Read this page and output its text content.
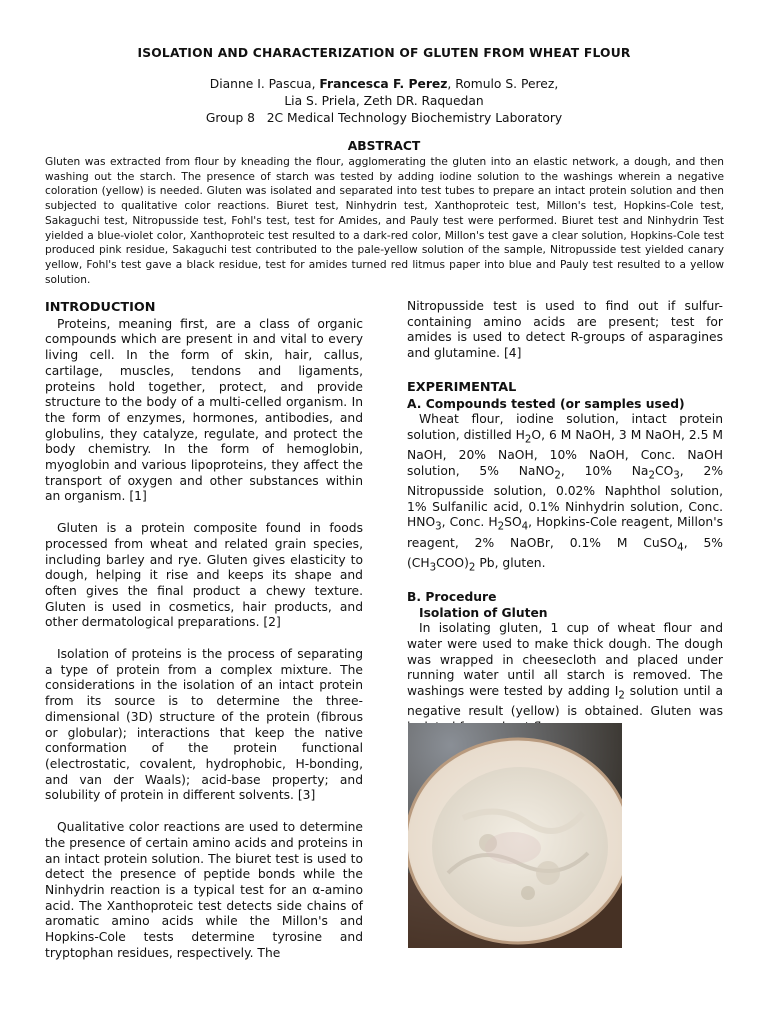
ISOLATION AND CHARACTERIZATION OF GLUTEN FROM WHEAT FLOUR
Dianne I. Pascua, Francesca F. Perez, Romulo S. Perez,
Lia S. Priela, Zeth DR. Raquedan
Group 8   2C Medical Technology Biochemistry Laboratory
ABSTRACT
Gluten was extracted from flour by kneading the flour, agglomerating the gluten into an elastic network, a dough, and then washing out the starch. The presence of starch was tested by adding iodine solution to the washings wherein a negative coloration (yellow) is needed. Gluten was isolated and separated into test tubes to prepare an intact protein solution and then subjected to qualitative color reactions. Biuret test, Ninhydrin test, Xanthoproteic test, Millon's test, Hopkins-Cole test, Sakaguchi test, Nitropusside test, Fohl's test, test for Amides, and Pauly test were performed. Biuret test and Ninhydrin Test yielded a blue-violet color, Xanthoproteic test resulted to a dark-red color, Millon's test gave a clear solution, Hopkins-Cole test produced pink residue, Sakaguchi test contributed to the pale-yellow solution of the sample, Nitropusside test yielded canary yellow, Fohl's test gave a black residue, test for amides turned red litmus paper into blue and Pauly test resulted to a yellow solution.
INTRODUCTION

Proteins, meaning first, are a class of organic compounds which are present in and vital to every living cell. In the form of skin, hair, callus, cartilage, muscles, tendons and ligaments, proteins hold together, protect, and provide structure to the body of a multi-celled organism. In the form of enzymes, hormones, antibodies, and globulins, they catalyze, regulate, and protect the body chemistry. In the form of hemoglobin, myoglobin and various lipoproteins, they affect the transport of oxygen and other substances within an organism. [1]

Gluten is a protein composite found in foods processed from wheat and related grain species, including barley and rye. Gluten gives elasticity to dough, helping it rise and keeps its shape and often gives the final product a chewy texture. Gluten is used in cosmetics, hair products, and other dermatological preparations. [2]

Isolation of proteins is the process of separating a type of protein from a complex mixture. The considerations in the isolation of an intact protein from its source is to determine the three-dimensional (3D) structure of the protein (fibrous or globular); interactions that keep the native conformation of the protein functional (electrostatic, covalent, hydrophobic, H-bonding, and van der Waals); acid-base property; and solubility of protein in different solvents. [3]

Qualitative color reactions are used to determine the presence of certain amino acids and proteins in an intact protein solution. The biuret test is used to detect the presence of peptide bonds while the Ninhydrin reaction is a typical test for an α-amino acid. The Xanthoproteic test detects side chains of aromatic amino acids while the Millon's and Hopkins-Cole tests determine tyrosine and tryptophan residues, respectively. The

Nitropusside test is used to find out if sulfur-containing amino acids are present; test for amides is used to detect R-groups of asparagines and glutamine. [4]

EXPERIMENTAL
A. Compounds tested (or samples used)

Wheat flour, iodine solution, intact protein solution, distilled $H_2O$, 6 M NaOH, 3 M NaOH, 2.5 M NaOH, 20% NaOH, 10% NaOH, Conc. NaOH solution, 5% NaNO$_2$, 10% $Na_2CO_3$, 2% Nitropusside solution, 0.02% Naphthol solution, 1% Sulfanilic acid, 0.1% Ninhydrin solution, Conc. $HNO_3$, Conc. $H_2SO_4$, Hopkins-Cole reagent, Millon's reagent, 2% NaOBr, 0.1% M CuSO$_4$, 5% $(CH_3COO)_2$ Pb, gluten.

B. Procedure
Isolation of Gluten

In isolating gluten, 1 cup of wheat flour and water were used to make thick dough. The dough was wrapped in cheesecloth and placed under running water until all starch is removed. The washings were tested by adding $I_2$ solution until a negative result (yellow) is obtained. Gluten was
